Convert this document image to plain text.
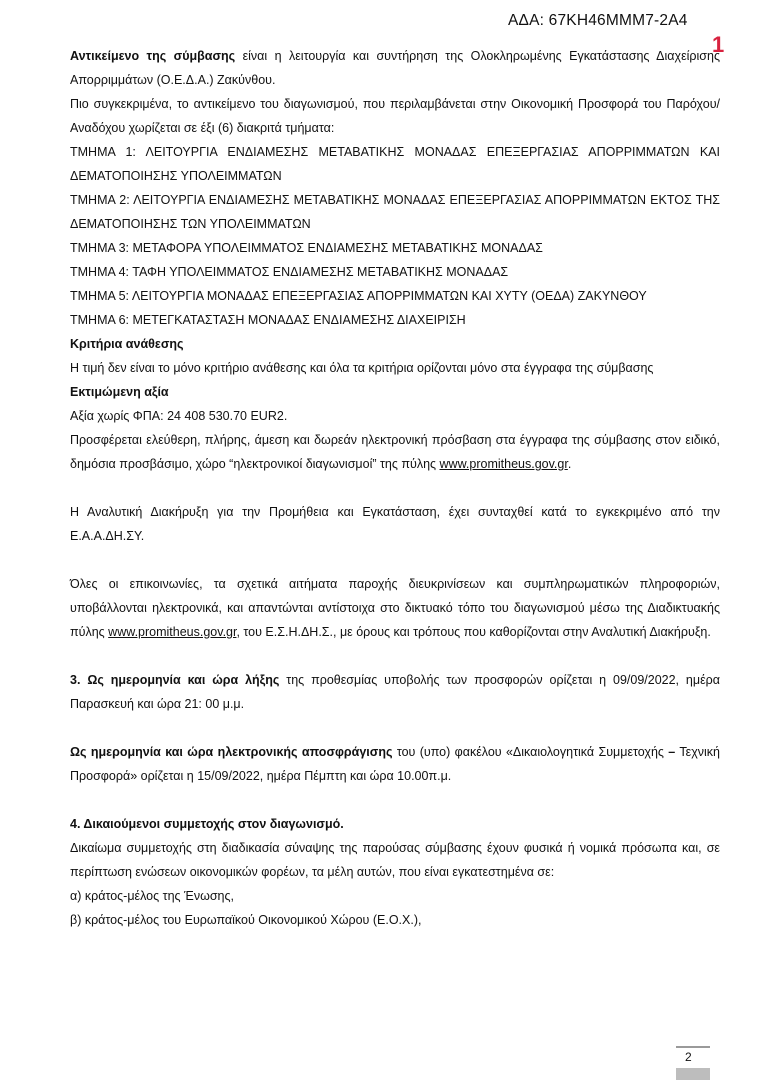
ΑΔΑ: 67ΚΗ46ΜΜΜ7-2Α4
1

Αντικείμενο της σύμβασης είναι η λειτουργία και συντήρηση της Ολοκληρωμένης Εγκατάστασης Διαχείρισης Απορριμμάτων (Ο.Ε.Δ.Α.) Ζακύνθου.

Πιο συγκεκριμένα, το αντικείμενο του διαγωνισμού, που περιλαμβάνεται στην Οικονομική Προσφορά του Παρόχου/Αναδόχου χωρίζεται σε έξι (6) διακριτά τμήματα:

ΤΜΗΜΑ 1: ΛΕΙΤΟΥΡΓΙΑ ΕΝΔΙΑΜΕΣΗΣ ΜΕΤΑΒΑΤΙΚΗΣ ΜΟΝΑΔΑΣ ΕΠΕΞΕΡΓΑΣΙΑΣ ΑΠΟΡΡΙΜΜΑΤΩΝ ΚΑΙ ΔΕΜΑΤΟΠΟΙΗΣΗΣ ΥΠΟΛΕΙΜΜΑΤΩΝ

ΤΜΗΜΑ 2: ΛΕΙΤΟΥΡΓΙΑ ΕΝΔΙΑΜΕΣΗΣ ΜΕΤΑΒΑΤΙΚΗΣ ΜΟΝΑΔΑΣ ΕΠΕΞΕΡΓΑΣΙΑΣ ΑΠΟΡΡΙΜΜΑΤΩΝ ΕΚΤΟΣ ΤΗΣ ΔΕΜΑΤΟΠΟΙΗΣΗΣ ΤΩΝ ΥΠΟΛΕΙΜΜΑΤΩΝ

ΤΜΗΜΑ 3: ΜΕΤΑΦΟΡΑ ΥΠΟΛΕΙΜΜΑΤΟΣ ΕΝΔΙΑΜΕΣΗΣ ΜΕΤΑΒΑΤΙΚΗΣ ΜΟΝΑΔΑΣ

ΤΜΗΜΑ 4: ΤΑΦΗ ΥΠΟΛΕΙΜΜΑΤΟΣ ΕΝΔΙΑΜΕΣΗΣ ΜΕΤΑΒΑΤΙΚΗΣ ΜΟΝΑΔΑΣ

ΤΜΗΜΑ 5: ΛΕΙΤΟΥΡΓΙΑ ΜΟΝΑΔΑΣ ΕΠΕΞΕΡΓΑΣΙΑΣ ΑΠΟΡΡΙΜΜΑΤΩΝ ΚΑΙ ΧΥΤΥ (ΟΕΔΑ) ΖΑΚΥΝΘΟΥ

ΤΜΗΜΑ 6: ΜΕΤΕΓΚΑΤΑΣΤΑΣΗ ΜΟΝΑΔΑΣ ΕΝΔΙΑΜΕΣΗΣ ΔΙΑΧΕΙΡΙΣΗ

Κριτήρια ανάθεσης

Η τιμή δεν είναι το μόνο κριτήριο ανάθεσης και όλα τα κριτήρια ορίζονται μόνο στα έγγραφα της σύμβασης

Εκτιμώμενη αξία

Αξία χωρίς ΦΠΑ: 24 408 530.70 EUR2.

Προσφέρεται ελεύθερη, πλήρης, άμεση και δωρεάν ηλεκτρονική πρόσβαση στα έγγραφα της σύμβασης στον ειδικό, δημόσια προσβάσιμο, χώρο “ηλεκτρονικοί διαγωνισμοί” της πύλης www.promitheus.gov.gr.

Η Αναλυτική Διακήρυξη για την Προμήθεια και Εγκατάσταση, έχει συνταχθεί κατά το εγκεκριμένο από την Ε.Α.Α.ΔΗ.ΣΥ.

Όλες οι επικοινωνίες, τα σχετικά αιτήματα παροχής διευκρινίσεων και συμπληρωματικών πληροφοριών, υποβάλλονται ηλεκτρονικά, και απαντώνται αντίστοιχα στο δικτυακό τόπο του διαγωνισμού μέσω της Διαδικτυακής πύλης www.promitheus.gov.gr, του Ε.Σ.Η.ΔΗ.Σ., με όρους και τρόπους που καθορίζονται στην Αναλυτική Διακήρυξη.

3. Ως ημερομηνία και ώρα λήξης της προθεσμίας υποβολής των προσφορών ορίζεται η 09/09/2022, ημέρα Παρασκευή και ώρα 21: 00 μ.μ.

Ως ημερομηνία και ώρα ηλεκτρονικής αποσφράγισης του (υπο) φακέλου «Δικαιολογητικά Συμμετοχής – Τεχνική Προσφορά» ορίζεται η 15/09/2022, ημέρα Πέμπτη και ώρα 10.00π.μ.

4. Δικαιούμενοι συμμετοχής στον διαγωνισμό.

Δικαίωμα συμμετοχής στη διαδικασία σύναψης της παρούσας σύμβασης έχουν φυσικά ή νομικά πρόσωπα και, σε περίπτωση ενώσεων οικονομικών φορέων, τα μέλη αυτών, που είναι εγκατεστημένα σε:

α) κράτος-μέλος της Ένωσης,

β) κράτος-μέλος του Ευρωπαϊκού Οικονομικού Χώρου (Ε.Ο.Χ.),

2
